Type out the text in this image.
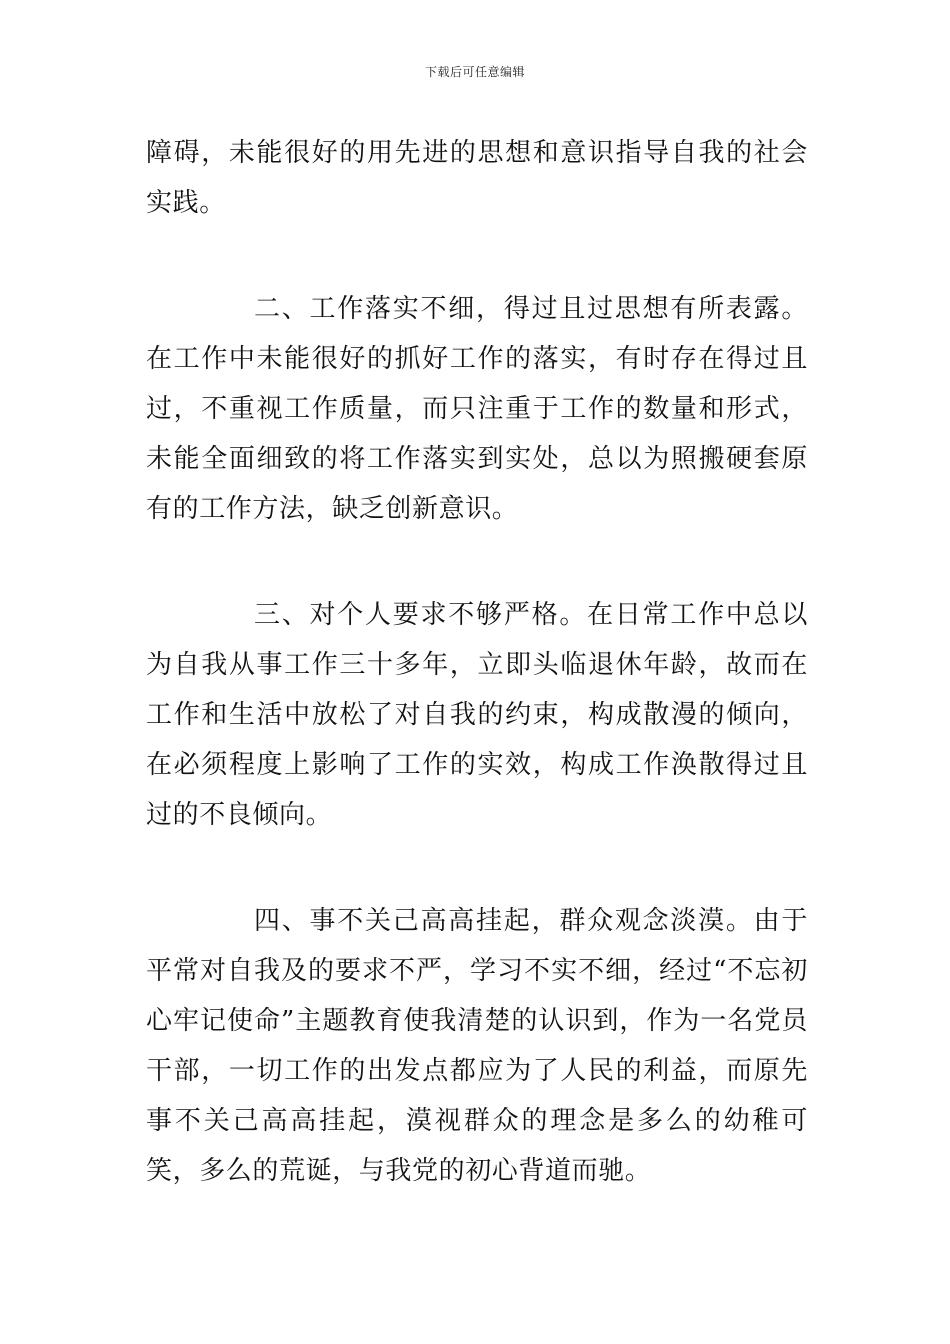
下载后可任意编辑

障碍，未能很好的用先进的思想和意识指导自我的社会实践。

二、工作落实不细，得过且过思想有所表露。在工作中未能很好的抓好工作的落实，有时存在得过且过，不重视工作质量，而只注重于工作的数量和形式，未能全面细致的将工作落实到实处，总以为照搬硬套原有的工作方法，缺乏创新意识。

三、对个人要求不够严格。在日常工作中总以为自我从事工作三十多年，立即头临退休年龄，故而在工作和生活中放松了对自我的约束，构成散漫的倾向，在必须程度上影响了工作的实效，构成工作涣散得过且过的不良倾向。

四、事不关己高高挂起，群众观念淡漠。由于平常对自我及的要求不严，学习不实不细，经过“不忘初心牢记使命”主题教育使我清楚的认识到，作为一名党员干部，一切工作的出发点都应为了人民的利益，而原先事不关己高高挂起，漠视群众的理念是多么的幼稚可笑，多么的荒诞，与我党的初心背道而驰。
